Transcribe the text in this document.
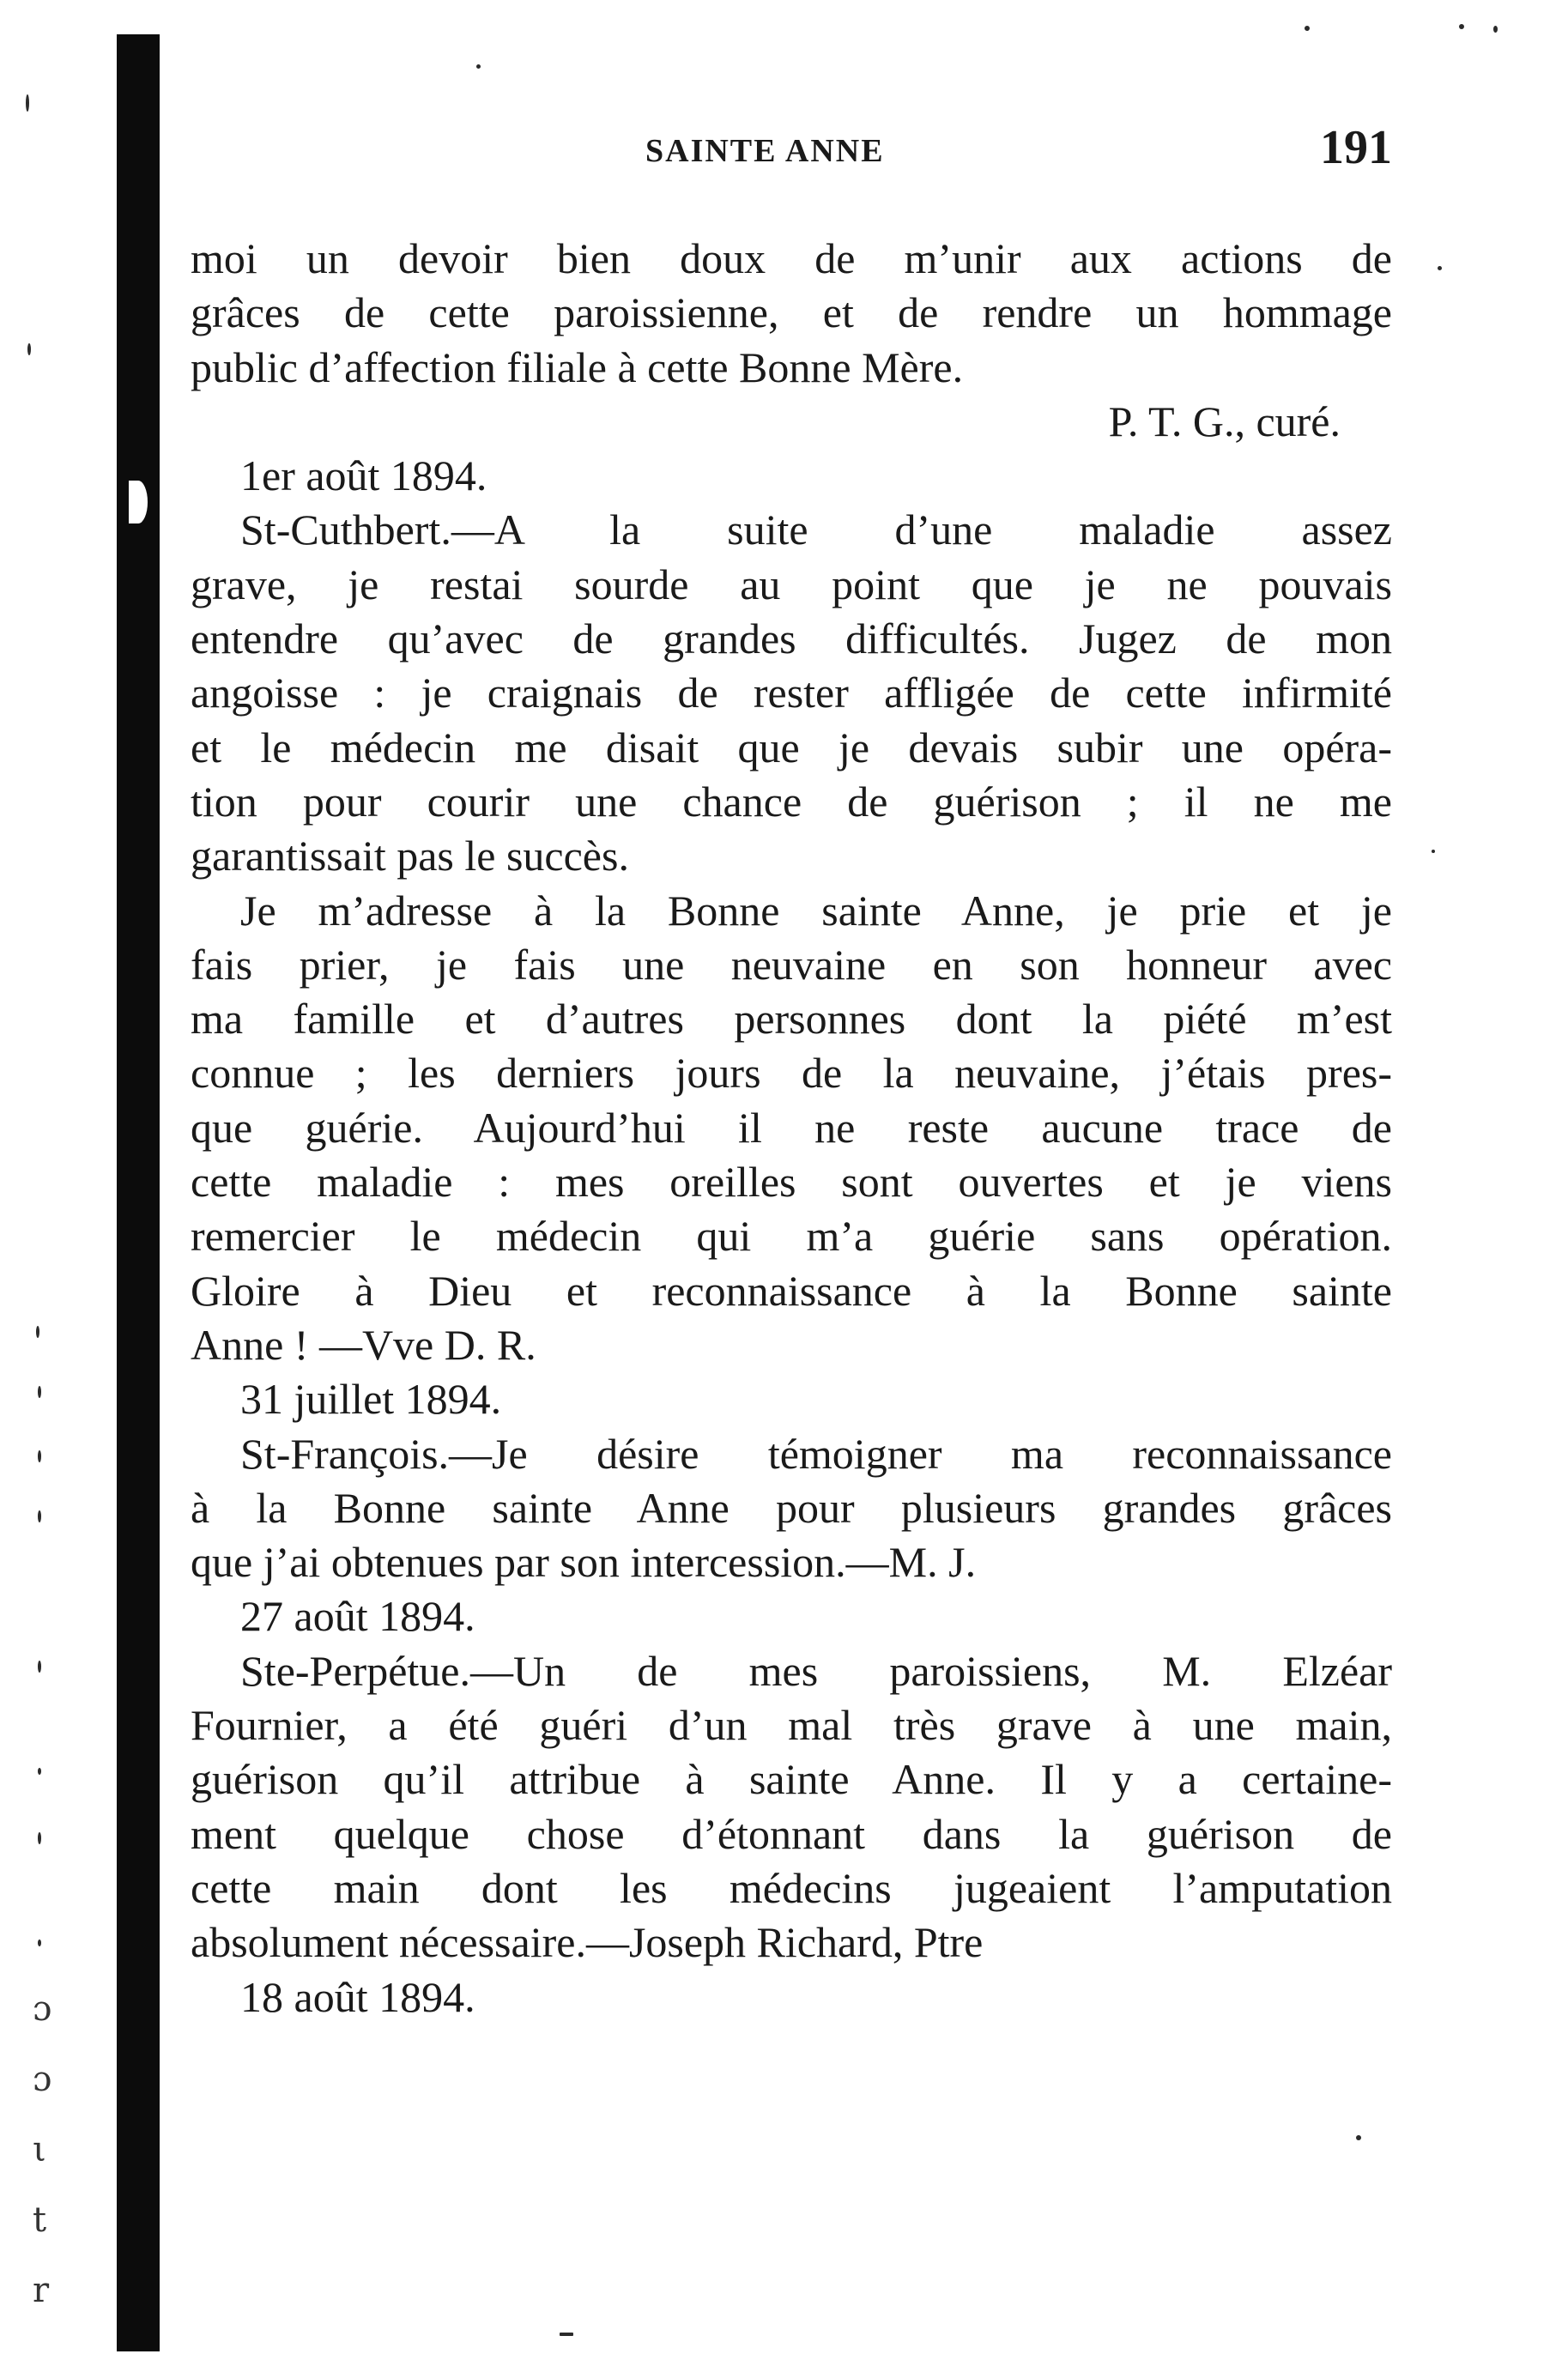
ɔ
ɔ
ι
t
r
SAINTE ANNE	191
moi un devoir bien doux de m’unir aux actions de
grâces de cette paroissienne, et de rendre un hommage
public d’affection filiale à cette Bonne Mère.
P. T. G., curé.
1er août 1894.
St-Cuthbert.—A la suite d’une maladie assez
grave, je restai sourde au point que je ne pouvais
entendre qu’avec de grandes difficultés. Jugez de mon
angoisse : je craignais de rester affligée de cette infirmité
et le médecin me disait que je devais subir une opéra-
tion pour courir une chance de guérison ; il ne me
garantissait pas le succès.
Je m’adresse à la Bonne sainte Anne, je prie et je
fais prier, je fais une neuvaine en son honneur avec
ma famille et d’autres personnes dont la piété m’est
connue ; les derniers jours de la neuvaine, j’étais pres-
que guérie. Aujourd’hui il ne reste aucune trace de
cette maladie : mes oreilles sont ouvertes et je viens
remercier le médecin qui m’a guérie sans opération.
Gloire à Dieu et reconnaissance à la Bonne sainte
Anne ! —Vve D. R.
31 juillet 1894.
St-François.—Je désire témoigner ma reconnaissance
à la Bonne sainte Anne pour plusieurs grandes grâces
que j’ai obtenues par son intercession.—M. J.
27 août 1894.
Ste-Perpétue.—Un de mes paroissiens, M. Elzéar
Fournier, a été guéri d’un mal très grave à une main,
guérison qu’il attribue à sainte Anne. Il y a certaine-
ment quelque chose d’étonnant dans la guérison de
cette main dont les médecins jugeaient l’amputation
absolument nécessaire.—Joseph Richard, Ptre
18 août 1894.
